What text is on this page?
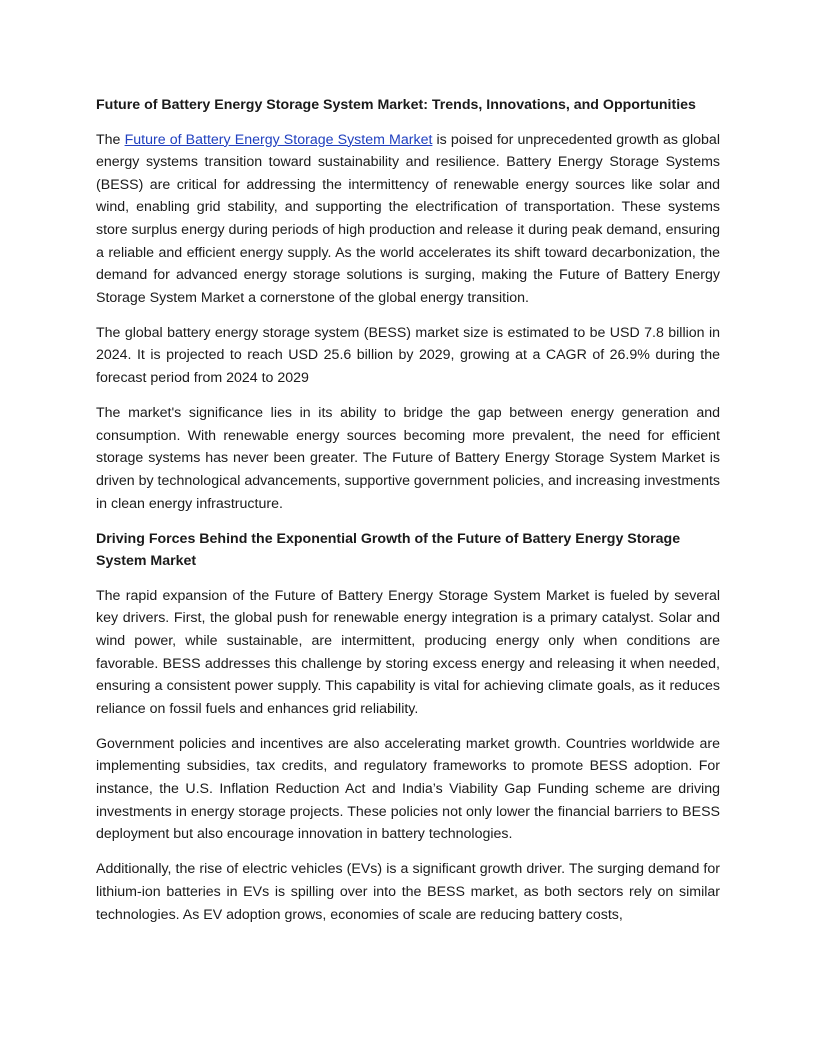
Future of Battery Energy Storage System Market: Trends, Innovations, and Opportunities

The Future of Battery Energy Storage System Market is poised for unprecedented growth as global energy systems transition toward sustainability and resilience. Battery Energy Storage Systems (BESS) are critical for addressing the intermittency of renewable energy sources like solar and wind, enabling grid stability, and supporting the electrification of transportation. These systems store surplus energy during periods of high production and release it during peak demand, ensuring a reliable and efficient energy supply. As the world accelerates its shift toward decarbonization, the demand for advanced energy storage solutions is surging, making the Future of Battery Energy Storage System Market a cornerstone of the global energy transition.

The global battery energy storage system (BESS) market size is estimated to be USD 7.8 billion in 2024. It is projected to reach USD 25.6 billion by 2029, growing at a CAGR of 26.9% during the forecast period from 2024 to 2029

The market's significance lies in its ability to bridge the gap between energy generation and consumption. With renewable energy sources becoming more prevalent, the need for efficient storage systems has never been greater. The Future of Battery Energy Storage System Market is driven by technological advancements, supportive government policies, and increasing investments in clean energy infrastructure.

Driving Forces Behind the Exponential Growth of the Future of Battery Energy Storage System Market

The rapid expansion of the Future of Battery Energy Storage System Market is fueled by several key drivers. First, the global push for renewable energy integration is a primary catalyst. Solar and wind power, while sustainable, are intermittent, producing energy only when conditions are favorable. BESS addresses this challenge by storing excess energy and releasing it when needed, ensuring a consistent power supply. This capability is vital for achieving climate goals, as it reduces reliance on fossil fuels and enhances grid reliability.

Government policies and incentives are also accelerating market growth. Countries worldwide are implementing subsidies, tax credits, and regulatory frameworks to promote BESS adoption. For instance, the U.S. Inflation Reduction Act and India’s Viability Gap Funding scheme are driving investments in energy storage projects. These policies not only lower the financial barriers to BESS deployment but also encourage innovation in battery technologies.

Additionally, the rise of electric vehicles (EVs) is a significant growth driver. The surging demand for lithium-ion batteries in EVs is spilling over into the BESS market, as both sectors rely on similar technologies. As EV adoption grows, economies of scale are reducing battery costs,
